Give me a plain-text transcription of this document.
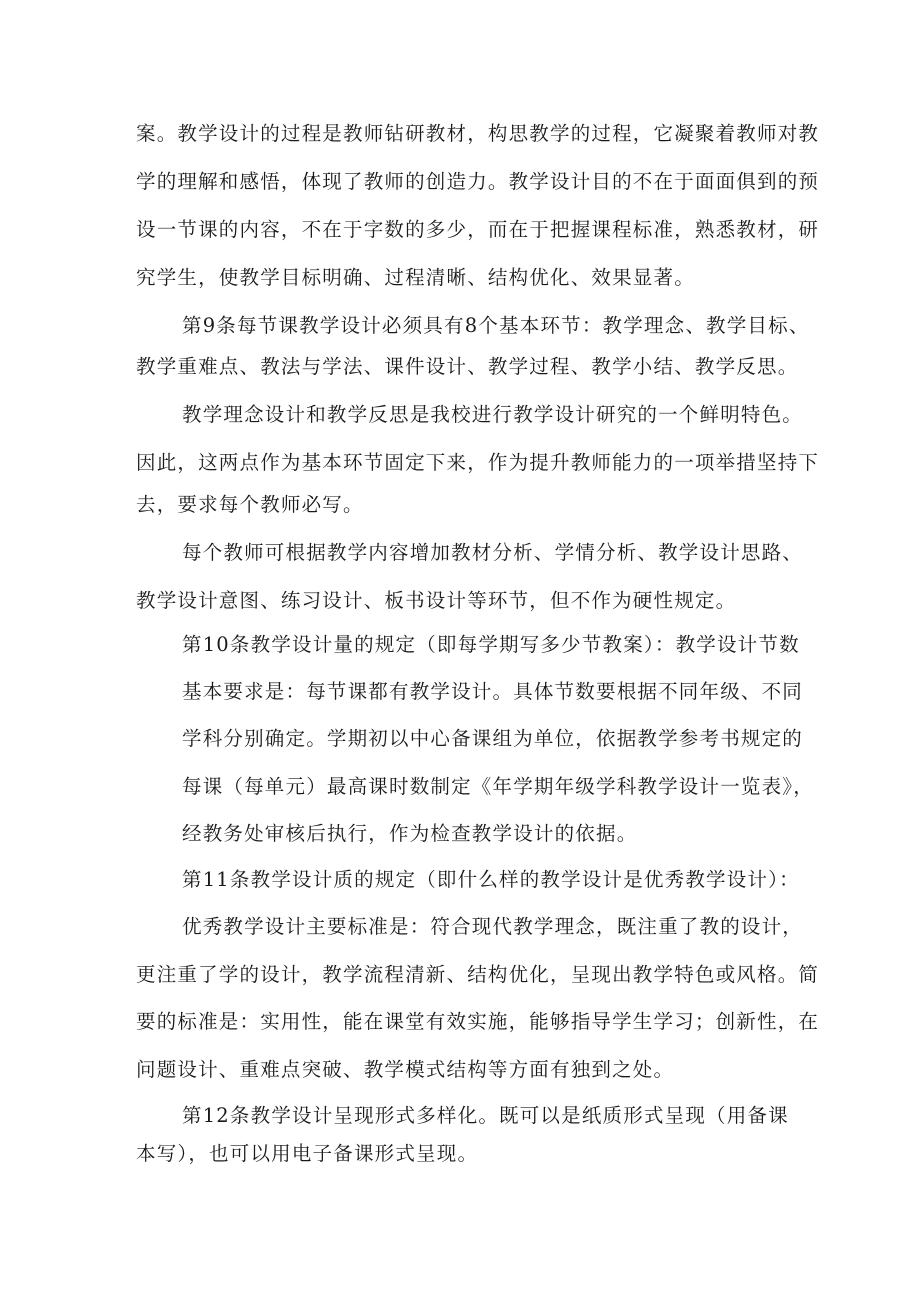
案。教学设计的过程是教师钻研教材，构思教学的过程，它凝聚着教师对教
学的理解和感悟，体现了教师的创造力。教学设计目的不在于面面俱到的预
设一节课的内容，不在于字数的多少，而在于把握课程标准，熟悉教材，研
究学生，使教学目标明确、过程清晰、结构优化、效果显著。
第9条每节课教学设计必须具有8个基本环节：教学理念、教学目标、
教学重难点、教法与学法、课件设计、教学过程、教学小结、教学反思。
教学理念设计和教学反思是我校进行教学设计研究的一个鲜明特色。
因此，这两点作为基本环节固定下来，作为提升教师能力的一项举措坚持下
去，要求每个教师必写。
每个教师可根据教学内容增加教材分析、学情分析、教学设计思路、
教学设计意图、练习设计、板书设计等环节，但不作为硬性规定。
第10条教学设计量的规定（即每学期写多少节教案）：教学设计节数
基本要求是：每节课都有教学设计。具体节数要根据不同年级、不同
学科分别确定。学期初以中心备课组为单位，依据教学参考书规定的
每课（每单元）最高课时数制定《年学期年级学科教学设计一览表》，
经教务处审核后执行，作为检查教学设计的依据。
第11条教学设计质的规定（即什么样的教学设计是优秀教学设计）：
优秀教学设计主要标准是：符合现代教学理念，既注重了教的设计，
更注重了学的设计，教学流程清新、结构优化，呈现出教学特色或风格。简
要的标准是：实用性，能在课堂有效实施，能够指导学生学习；创新性，在
问题设计、重难点突破、教学模式结构等方面有独到之处。
第12条教学设计呈现形式多样化。既可以是纸质形式呈现（用备课
本写），也可以用电子备课形式呈现。
